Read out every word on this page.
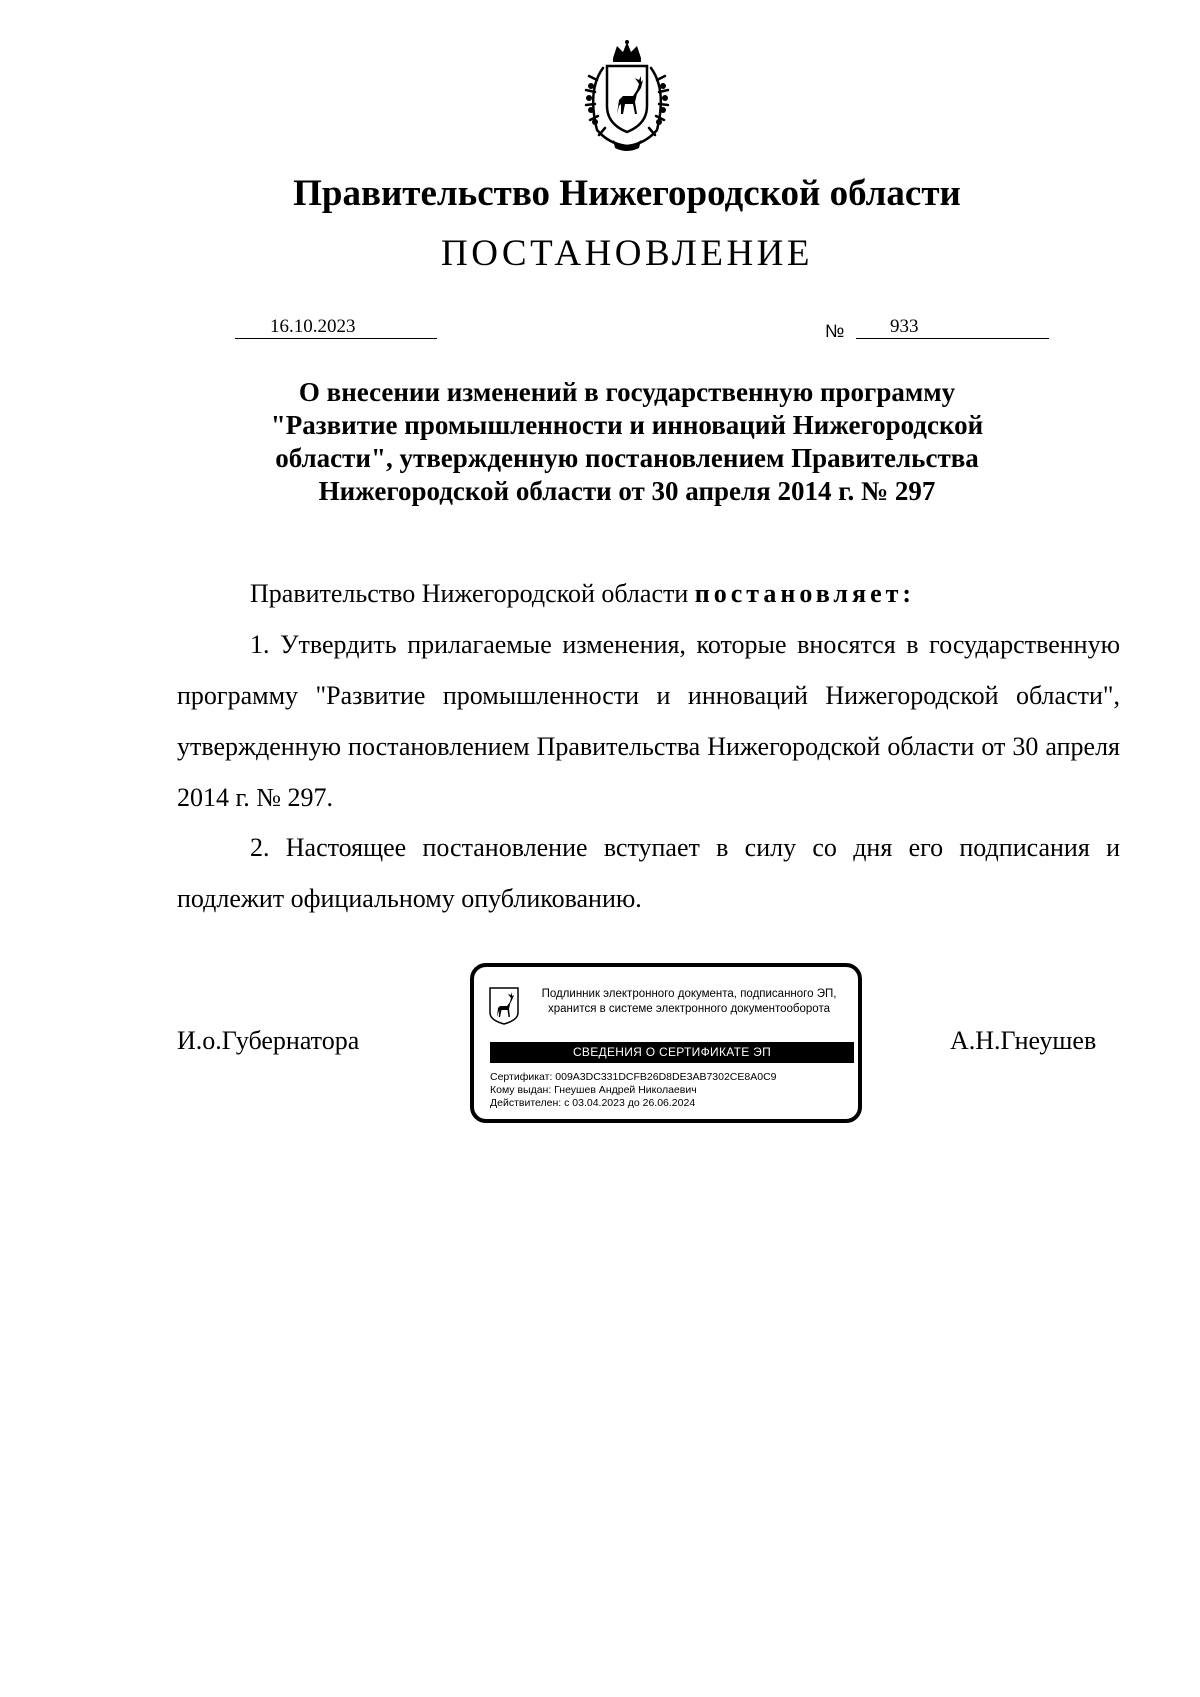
Правительство Нижегородской области
ПОСТАНОВЛЕНИЕ
16.10.2023	№ 933
О внесении изменений в государственную программу
"Развитие промышленности и инноваций Нижегородской
области", утвержденную постановлением Правительства
Нижегородской области от 30 апреля 2014 г. № 297
Правительство Нижегородской области постановляет:
1. Утвердить прилагаемые изменения, которые вносятся в государственную программу "Развитие промышленности и инноваций Нижегородской области", утвержденную постановлением Правительства Нижегородской области от 30 апреля 2014 г. № 297.
2. Настоящее постановление вступает в силу со дня его подписания и подлежит официальному опубликованию.
И.о.Губернатора	А.Н.Гнеушев
Подлинник электронного документа, подписанного ЭП,
хранится в системе электронного документооборота
СВЕДЕНИЯ О СЕРТИФИКАТЕ ЭП
Сертификат: 009A3DC331DCFB26D8DE3AB7302CE8A0C9
Кому выдан: Гнеушев Андрей Николаевич
Действителен: с 03.04.2023 до 26.06.2024
